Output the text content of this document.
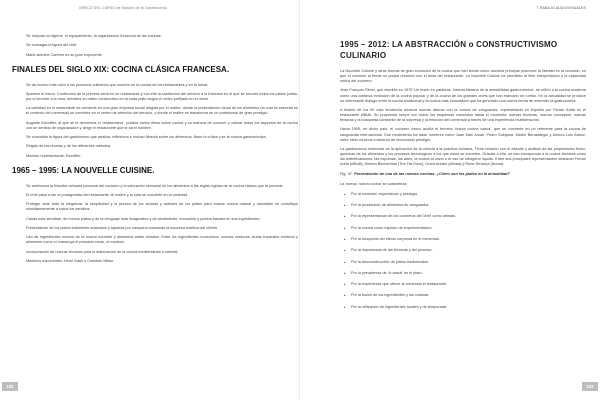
GRECO DEL CARSO de Estudio de la Gastronomía

Se mejoran la higiene, el equipamiento, la organización funcional de las cocinas.

Se consagra la figura del chef.

Marie-Antoine Carême es su gran exponente.

FINALES DEL SIGLO XIX: COCINA CLÁSICA FRANCESA.

Se da mucho más valor a los procesos culinarios que ocurren en la cocina de los restaurantes y en la mesa.

Aparece el menú. Confección de la primera carta en un restaurante y con ella la sustitución del servicio a la francesa en el que se servían todos los platos juntos, por el servicio a la rusa, servidos en orden consecutivo en la carta plato según el orden prefijado en el menú.

La cantidad en el restaurante se convierte en una gran empresa social dirigida por el maître, donde la presentación visual de los alimentos (la cual es esencial en el contexto del comensal) se convierte en el centro de atención del servicio, y donde el maître se transforma en un profesional de gran prestigio.

Auguste Escoffier, al que se le denomina el 'restaurateur', publica varios libros sobre cocina y su manera de conocer y valorar todos los aspectos de la cocina con un sentido de organización y dirige el restaurante que le da el nombre.

Se consolida la figura del gastrónomo que analiza, reflexiona e incluso filosofa sobre los alimentos. Nace la crítica y se la cocina gastronómica.

Regido de las recetas y de los diferentes métodos.

Máximo representante: Escoffier.

1965 – 1995: LA NOUVELLE CUISINE.

Se ambiciona la filosofía culinaria personal del cocinero y la valoración sensorial de los alimentos a las reglas rígidas de la cocina clásica que la precede.

El chef pasa a ser el protagonista del restaurante. Al maître y la sala se convierte en la variedad.

Proteger ante todo la elegancia, la simplicidad y la pureza de los aromas y sabores de los platos para buscar cocina natural y saludable se constituyó simultáneamente a todos los sentidos.

Cartas más sencillas, de menos platos y de un lenguaje más imaginativo y de sentimiento, evocación y poesía basado en sus ingredientes.

Presentación de los platos totalmente acabados y tapados por campana buscando la sorpresa estética del cliente.

Uso de ingredientes nuevos de la cocina nouvelle y alimentos antes vetados. Entre los ingredientes novedosos: nuevas verduras, frutas tropicales exóticos y alimentos como el maracuyá el pescado crudo, el marisco.

Incorporación de nuevas técnicas para la elaboración de la cocina mediterránea o oriental.

Máximos exponentes: Henri Gault y Christian Millau.

192
T RABAJO AUDIOVISUALES
1995 – 2012: LA ABSTRACCIÓN o CONSTRUCTIVISMO CULINARIO

La Nouvelle Cuisine y otras formas de gran evolución de la cocina que han tenido como doctrina principal promover la libertad en la creación, en que el cocinero al firmar su propia creación son el alma del restaurante. La Nouvelle Cuisine ha permitido la libre interpretación y la capacidad crítica del cocinero.

Jean François Revel, que escribió en 1979 'Un festín en palabras: historia literaria de la sensibilidad gastronómica', se refirió a la cocina moderna como una continua evolución de la cocina popular y de la cocina de los grandes chefs que han marcado un rumbo. En la actualidad se produce un interesante diálogo entre la cocina tradicional y la cocina más innovadora que ha generado una nueva forma de entender la gastronomía.

A finales de los 90 esta tendencia alcanza nuevas alturas con la cocina de vanguardia, representada en España por Ferran Adrià en el restaurante elBulli. Su propuesta rompe con todos los esquemas conocidos hasta el momento: nuevas técnicas, nuevos conceptos, nuevas texturas y la búsqueda constante de la sorpresa y la emoción del comensal a través de una experiencia multisensorial.

Hacia 1995, en dicho país, el cocinero vasco acuña el término 'nueva cocina vasca', que se convierte en un referente para la cocina de vanguardia internacional. Ese movimiento ha dado nombres como Juan Mari Arzak, Pedro Subijana, Martín Berasategui y Andoni Luis Aduriz, entre otros muchos cocineros de reconocido prestigio.

La gastronomía molecular es la aplicación de la ciencia a la práctica culinaria. Tiene relación con el estudio y análisis de las propiedades físico-químicas de los alimentos y los procesos tecnológicos a los que éstos se someten. Gracias a ella, se han incorporado a la cocina técnicas como las esferificaciones, las espumas, los aires, la cocina al vacío o el uso de nitrógeno líquido. Entre sus principales representantes destacan Ferran Adrià (elBulli), Heston Blumenthal (The Fat Duck), Grant Achatz (Alinea) y René Redzepi (Noma).

Fig. 47. Presentación de una de las nuevas cocinas. ¿Cómo son los platos en la actualidad?

La 'nueva, nueva cocina' se caracteriza:

• Por la novedad, espectáculo y prestigio.
• Por la producción de alimentos de vanguardia.
• Por la representación de los cocineros del 'chef' como artistas.
• Por la cocina como espacio de experimentación.
• Por la búsqueda del efecto sorpresa en el comensal.
• Por la importancia de las técnicas y del proceso.
• Por la desconstrucción de platos tradicionales.
• Por la prevalencia de 'lo visual' en el plato.
• Por la experiencia que ofrece al comensal el restaurante.
• Por la fusión de los ingredientes y las culturas.
• Por la utilización de ingredientes locales y de temporada.
193
